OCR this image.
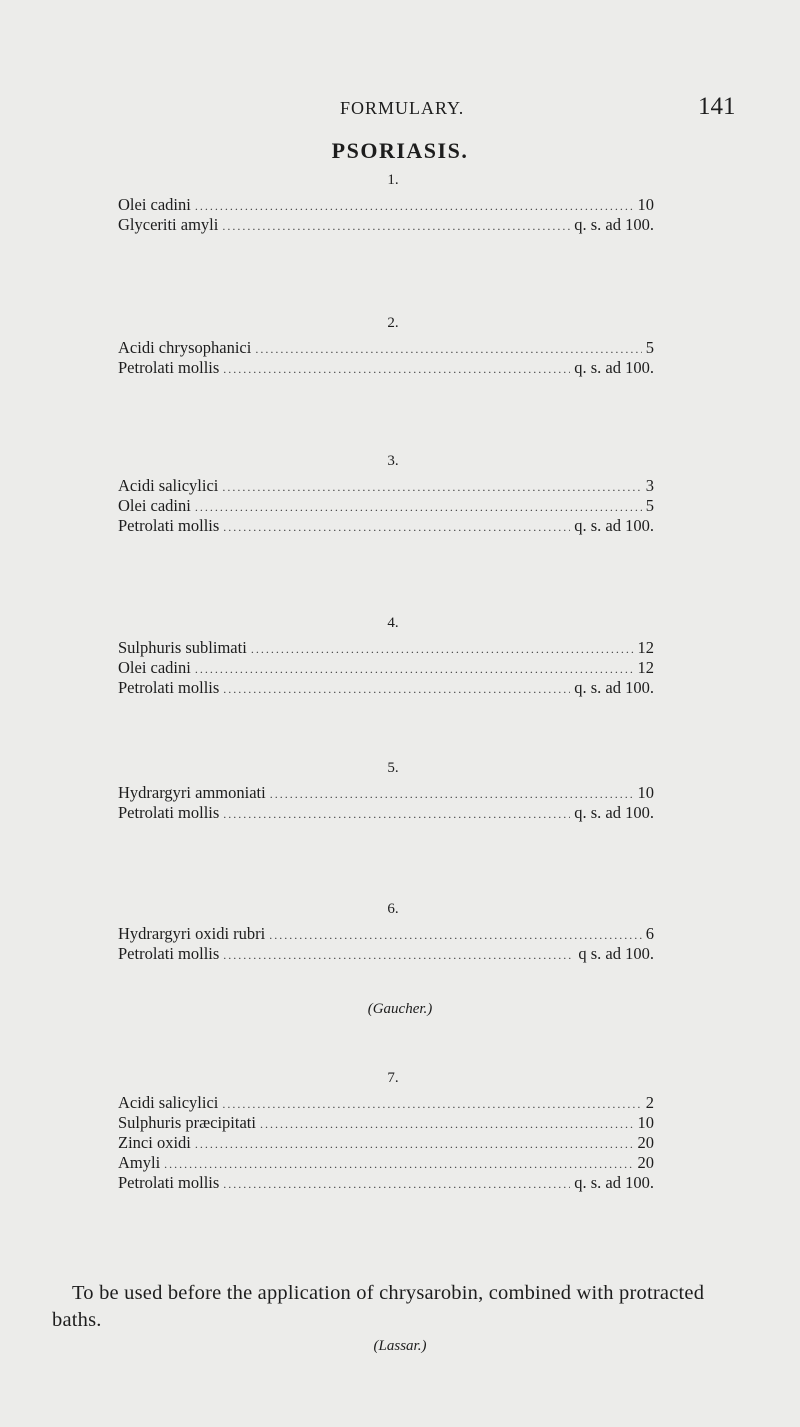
FORMULARY.	141
PSORIASIS.
1.
Olei cadini .....	10
Glyceriti amyli .....	q. s. ad 100.
2.
Acidi chrysophanici .....	5
Petrolati mollis .....	q. s. ad 100.
3.
Acidi salicylici .....	3
Olei cadini .....	5
Petrolati mollis .....	q. s. ad 100.
4.
Sulphuris sublimati .....	12
Olei cadini .....	12
Petrolati mollis .....	q. s. ad 100.
5.
Hydrargyri ammoniati .....	10
Petrolati mollis .....	q. s. ad 100.
6.
Hydrargyri oxidi rubri .....	6
Petrolati mollis .....	q s. ad 100.
(Gaucher.)
7.
Acidi salicylici .....	2
Sulphuris præcipitati .....	10
Zinci oxidi .....	20
Amyli .....	20
Petrolati mollis .....	q. s. ad 100.
To be used before the application of chrysarobin, combined with protracted baths.
(Lassar.)
